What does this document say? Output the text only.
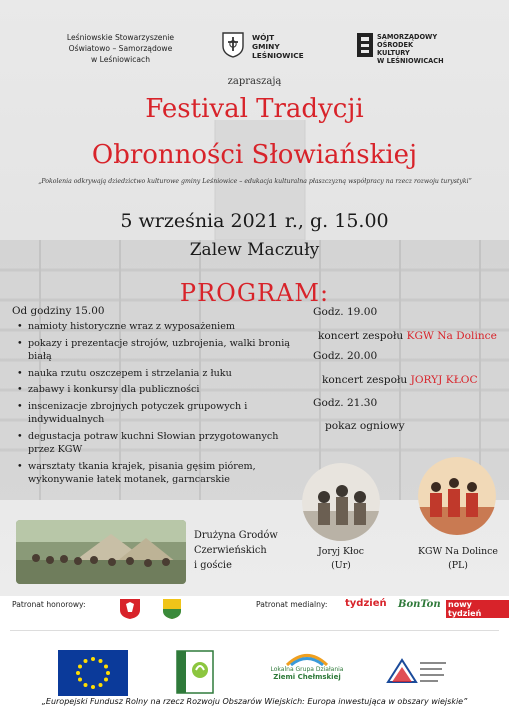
Leśniowskie Stowarzyszenie
Oświatowo – Samorządowe
w Leśniowicach
WÓJT
GMINY
LEŚNIOWICE
SAMORZĄDOWY
OŚRODEK
KULTURY
W LEŚNIOWICACH
zapraszają
Festival Tradycji
Obronności Słowiańskiej
„Pokolenia odkrywają dziedzictwo kulturowe gminy Leśniowice – edukacja kulturalna płaszczyzną współpracy na rzecz rozwoju turystyki”
5 września 2021 r., g. 15.00
Zalew Maczuły
PROGRAM:
Od godziny 15.00
• namioty historyczne wraz z wyposażeniem
• pokazy i prezentacje strojów, uzbrojenia, walki bronią białą
• nauka rzutu oszczepem i strzelania z łuku
• zabawy i konkursy dla publiczności
• inscenizacje zbrojnych potyczek grupowych i indywidualnych
• degustacja potraw kuchni Słowian przygotowanych przez KGW
• warsztaty tkania krajek, pisania gęsim piórem, wykonywanie łatek motanek, garncarskie
Godz. 19.00
koncert zespołu KGW Na Dolince
Godz. 20.00
koncert zespołu JORYJ KŁOC
Godz. 21.30
pokaz ogniowy
Drużyna Grodów
Czerwieńskich
i goście
Joryj Kłoc
(Ur)
KGW Na Dolince
(PL)
Patronat honorowy:	Patronat medialny: tydzień BonTon nowy tydzień
Lokalna Grupa Działania
Ziemi Chełmskiej
„Europejski Fundusz Rolny na rzecz Rozwoju Obszarów Wiejskich: Europa inwestująca w obszary wiejskie”
